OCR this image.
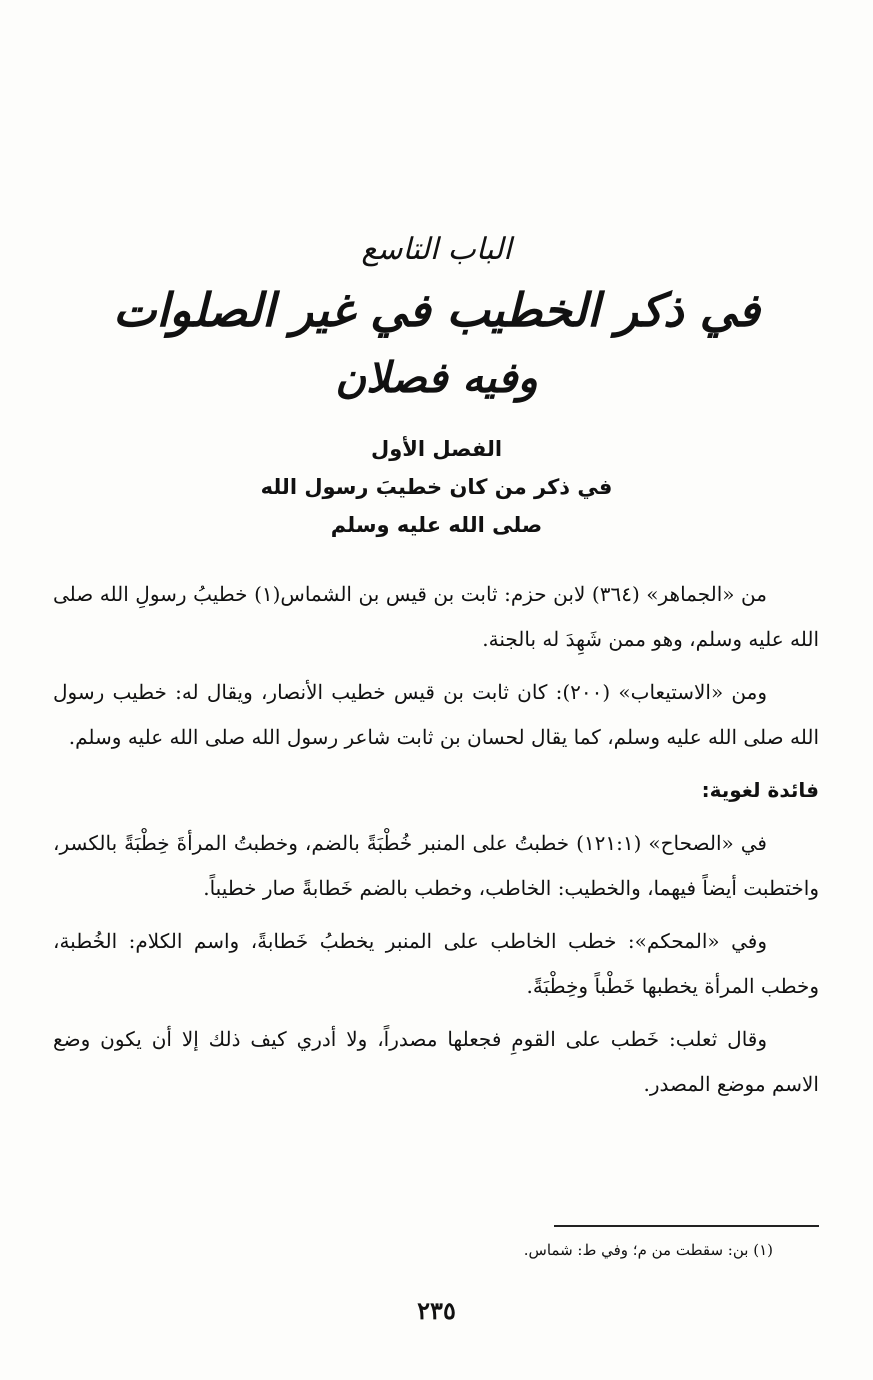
الباب التاسع
في ذكر الخطيب في غير الصلوات
وفيه فصلان
الفصل الأول
في ذكر من كان خطيبَ رسول الله
صلى الله عليه وسلم

من «الجماهر» (٣٦٤) لابن حزم: ثابت بن قيس بن الشماس(١) خطيبُ رسولِ الله صلى الله عليه وسلم، وهو ممن شَهِدَ له بالجنة.

ومن «الاستيعاب» (٢٠٠): كان ثابت بن قيس خطيب الأنصار، ويقال له: خطيب رسول الله صلى الله عليه وسلم، كما يقال لحسان بن ثابت شاعر رسول الله صلى الله عليه وسلم.

فائدة لغوية:

في «الصحاح» (١٢١:١) خطبتُ على المنبر خُطْبَةً بالضم، وخطبتُ المرأةَ خِطْبَةً بالكسر، واختطبت أيضاً فيهما، والخطيب: الخاطب، وخطب بالضم خَطابةً صار خطيباً.

وفي «المحكم»: خطب الخاطب على المنبر يخطبُ خَطابةً، واسم الكلام: الخُطبة، وخطب المرأة يخطبها خَطْباً وخِطْبَةً.

وقال ثعلب: خَطب على القومِ فجعلها مصدراً، ولا أدري كيف ذلك إلا أن يكون وضع الاسم موضع المصدر.

(١) بن: سقطت من م؛ وفي ط: شماس.
٢٣٥
